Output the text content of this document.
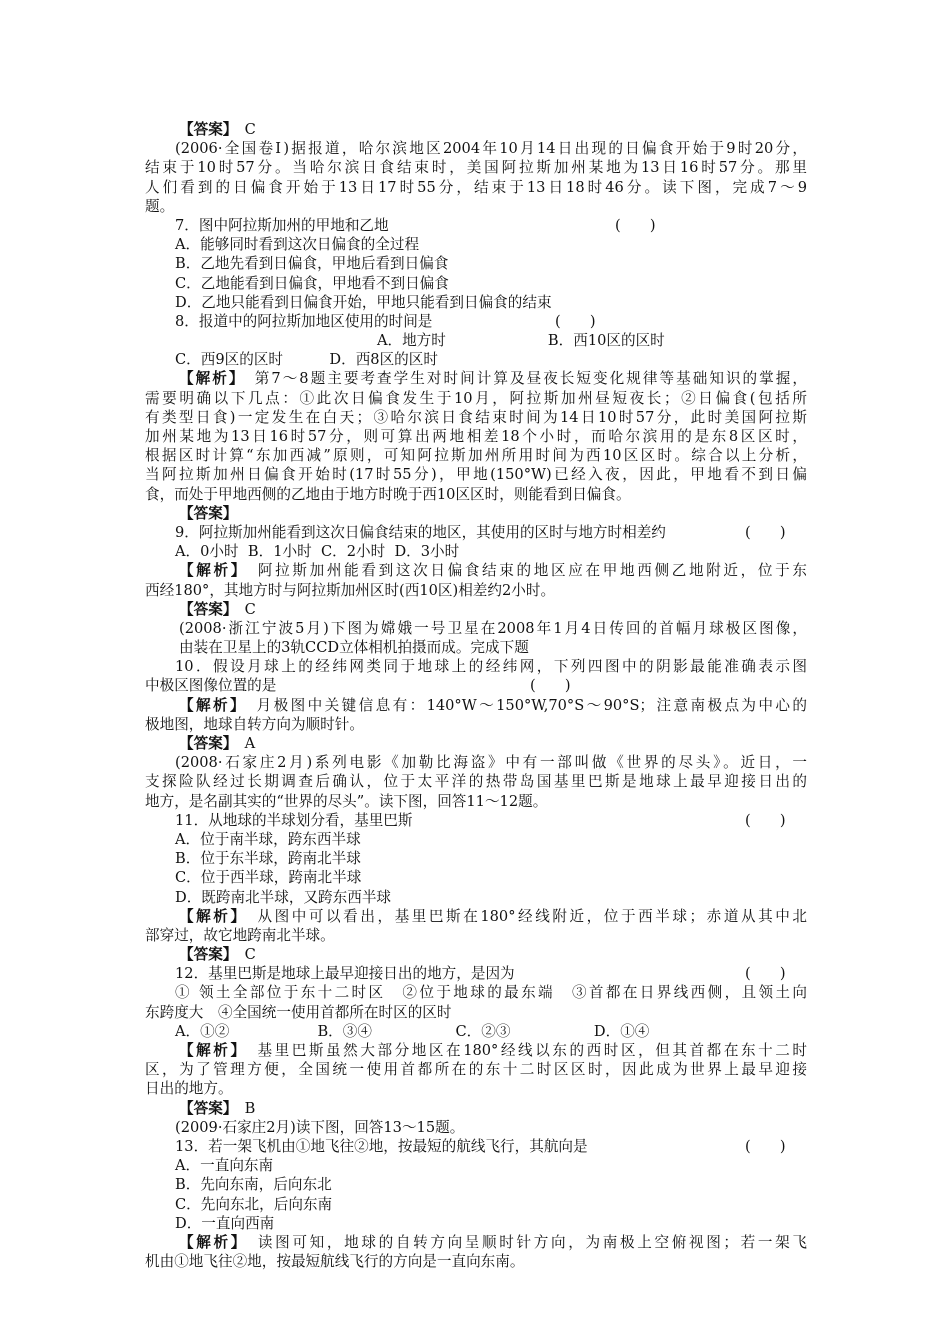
【答案】　C
(2006·全国卷Ⅰ)据报道，哈尔滨地区2004年10月14日出现的日偏食开始于9时20分，
结束于10时57分。当哈尔滨日食结束时，美国阿拉斯加州某地为13日16时57分。那里
人们看到的日偏食开始于13日17时55分，结束于13日18时46分。读下图，完成7～9
题。
7．图中阿拉斯加州的甲地和乙地	(　　)
A．能够同时看到这次日偏食的全过程
B．乙地先看到日偏食，甲地后看到日偏食
C．乙地能看到日偏食，甲地看不到日偏食
D．乙地只能看到日偏食开始，甲地只能看到日偏食的结束
8．报道中的阿拉斯加地区使用的时间是	(　　)
A．地方时                      B．西10区的区时
C．西9区的区时          D．西8区的区时
【解析】　第7～8题主要考查学生对时间计算及昼夜长短变化规律等基础知识的掌握，
需要明确以下几点：①此次日偏食发生于10月，阿拉斯加州昼短夜长；②日偏食(包括所
有类型日食)一定发生在白天；③哈尔滨日食结束时间为14日10时57分，此时美国阿拉斯
加州某地为13日16时57分，则可算出两地相差18个小时，而哈尔滨用的是东8区区时，
根据区时计算“东加西减”原则，可知阿拉斯加州所用时间为西10区区时。综合以上分析，
当阿拉斯加州日偏食开始时(17时55分)，甲地(150°W)已经入夜，因此，甲地看不到日偏
食，而处于甲地西侧的乙地由于地方时晚于西10区区时，则能看到日偏食。
【答案】
9．阿拉斯加州能看到这次日偏食结束的地区，其使用的区时与地方时相差约	(　　)
A．0小时  B．1小时  C．2小时  D．3小时
【解析】　阿拉斯加州能看到这次日偏食结束的地区应在甲地西侧乙地附近，位于东
西经180°，其地方时与阿拉斯加州区时(西10区)相差约2小时。
【答案】　C
(2008·浙江宁波5月)下图为嫦娥一号卫星在2008年1月4日传回的首幅月球极区图像，
由装在卫星上的3轨CCD立体相机拍摄而成。完成下题
10．假设月球上的经纬网类同于地球上的经纬网，下列四图中的阴影最能准确表示图
中极区图像位置的是	(　　)
【解析】　月极图中关键信息有：140°W～150°W,70°S～90°S；注意南极点为中心的
极地图，地球自转方向为顺时针。
【答案】　A
(2008·石家庄2月)系列电影《加勒比海盗》中有一部叫做《世界的尽头》。近日，一
支探险队经过长期调查后确认，位于太平洋的热带岛国基里巴斯是地球上最早迎接日出的
地方，是名副其实的“世界的尽头”。读下图，回答11～12题。
11．从地球的半球划分看，基里巴斯	(　　)
A．位于南半球，跨东西半球
B．位于东半球，跨南北半球
C．位于西半球，跨南北半球
D．既跨南北半球，又跨东西半球
【解析】　从图中可以看出，基里巴斯在180°经线附近，位于西半球；赤道从其中北
部穿过，故它地跨南北半球。
【答案】　C
12．基里巴斯是地球上最早迎接日出的地方，是因为	(　　)
① 领土全部位于东十二时区　②位于地球的最东端　③首都在日界线西侧，且领土向
东跨度大　④全国统一使用首都所在时区的区时
A．①②                   B．③④                  C．②③                  D．①④
【解析】　基里巴斯虽然大部分地区在180°经线以东的西时区，但其首都在东十二时
区，为了管理方便，全国统一使用首都所在的东十二时区区时，因此成为世界上最早迎接
日出的地方。
【答案】　B
(2009·石家庄2月)读下图，回答13～15题。
13．若一架飞机由①地飞往②地，按最短的航线飞行，其航向是	(　　)
A．一直向东南
B．先向东南，后向东北
C．先向东北，后向东南
D．一直向西南
【解析】　读图可知，地球的自转方向呈顺时针方向，为南极上空俯视图；若一架飞
机由①地飞往②地，按最短航线飞行的方向是一直向东南。
